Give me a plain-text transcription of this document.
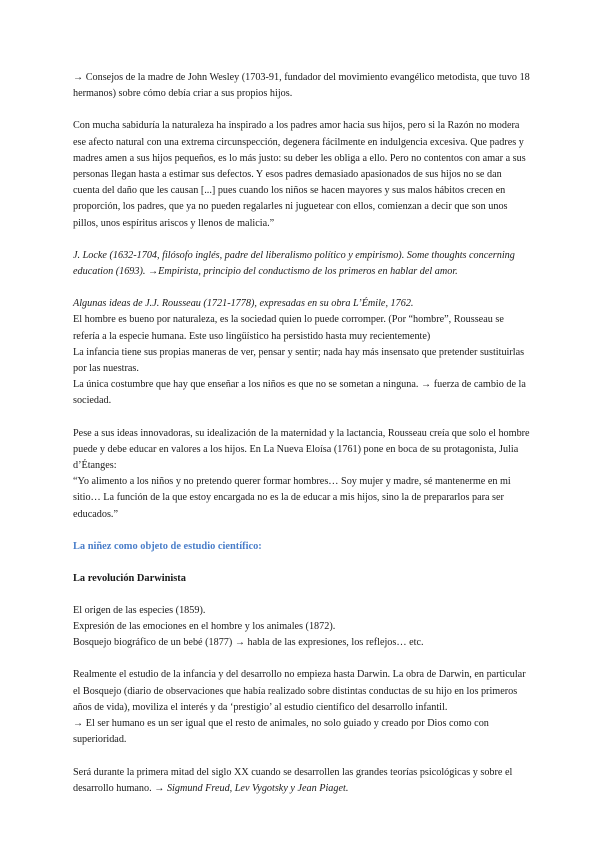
→ Consejos de la madre de John Wesley (1703-91, fundador del movimiento evangélico metodista, que tuvo 18 hermanos) sobre cómo debía criar a sus propios hijos.

Con mucha sabiduría la naturaleza ha inspirado a los padres amor hacia sus hijos, pero si la Razón no modera ese afecto natural con una extrema circunspección, degenera fácilmente en indulgencia excesiva. Que padres y madres amen a sus hijos pequeños, es lo más justo: su deber les obliga a ello. Pero no contentos con amar a sus personas llegan hasta a estimar sus defectos. Y esos padres demasiado apasionados de sus hijos no se dan cuenta del daño que les causan [...] pues cuando los niños se hacen mayores y sus malos hábitos crecen en proporción, los padres, que ya no pueden regalarles ni juguetear con ellos, comienzan a decir que son unos pillos, unos espíritus ariscos y llenos de malicia.”

J. Locke (1632-1704, filósofo inglés, padre del liberalismo político y empirismo). Some thoughts concerning education (1693). →Empirista, principio del conductismo de los primeros en hablar del amor.

Algunas ideas de J.J. Rousseau (1721-1778), expresadas en su obra L’Émile, 1762.

El hombre es bueno por naturaleza, es la sociedad quien lo puede corromper. (Por “hombre”, Rousseau se refería a la especie humana. Este uso lingüístico ha persistido hasta muy recientemente)

La infancia tiene sus propias maneras de ver, pensar y sentir; nada hay más insensato que pretender sustituirlas por las nuestras.

La única costumbre que hay que enseñar a los niños es que no se sometan a ninguna. → fuerza de cambio de la sociedad.

Pese a sus ideas innovadoras, su idealización de la maternidad y la lactancia, Rousseau creía que solo el hombre puede y debe educar en valores a los hijos. En La Nueva Eloísa (1761) pone en boca de su protagonista, Julia d’Étanges:

“Yo alimento a los niños y no pretendo querer formar hombres… Soy mujer y madre, sé mantenerme en mi sitio… La función de la que estoy encargada no es la de educar a mis hijos, sino la de prepararlos para ser educados.”

La niñez como objeto de estudio científico:

La revolución Darwinista

El origen de las especies (1859).

Expresión de las emociones en el hombre y los animales (1872).

Bosquejo biográfico de un bebé (1877) → habla de las expresiones, los reflejos… etc.

Realmente el estudio de la infancia y del desarrollo no empieza hasta Darwin. La obra de Darwin, en particular el Bosquejo (diario de observaciones que había realizado sobre distintas conductas de su hijo en los primeros años de vida), moviliza el interés y da ‘prestigio’ al estudio científico del desarrollo infantil.

→ El ser humano es un ser igual que el resto de animales, no solo guiado y creado por Dios como con superioridad.

Será durante la primera mitad del siglo XX cuando se desarrollen las grandes teorías psicológicas y sobre el desarrollo humano. → Sigmund Freud, Lev Vygotsky y Jean Piaget.
